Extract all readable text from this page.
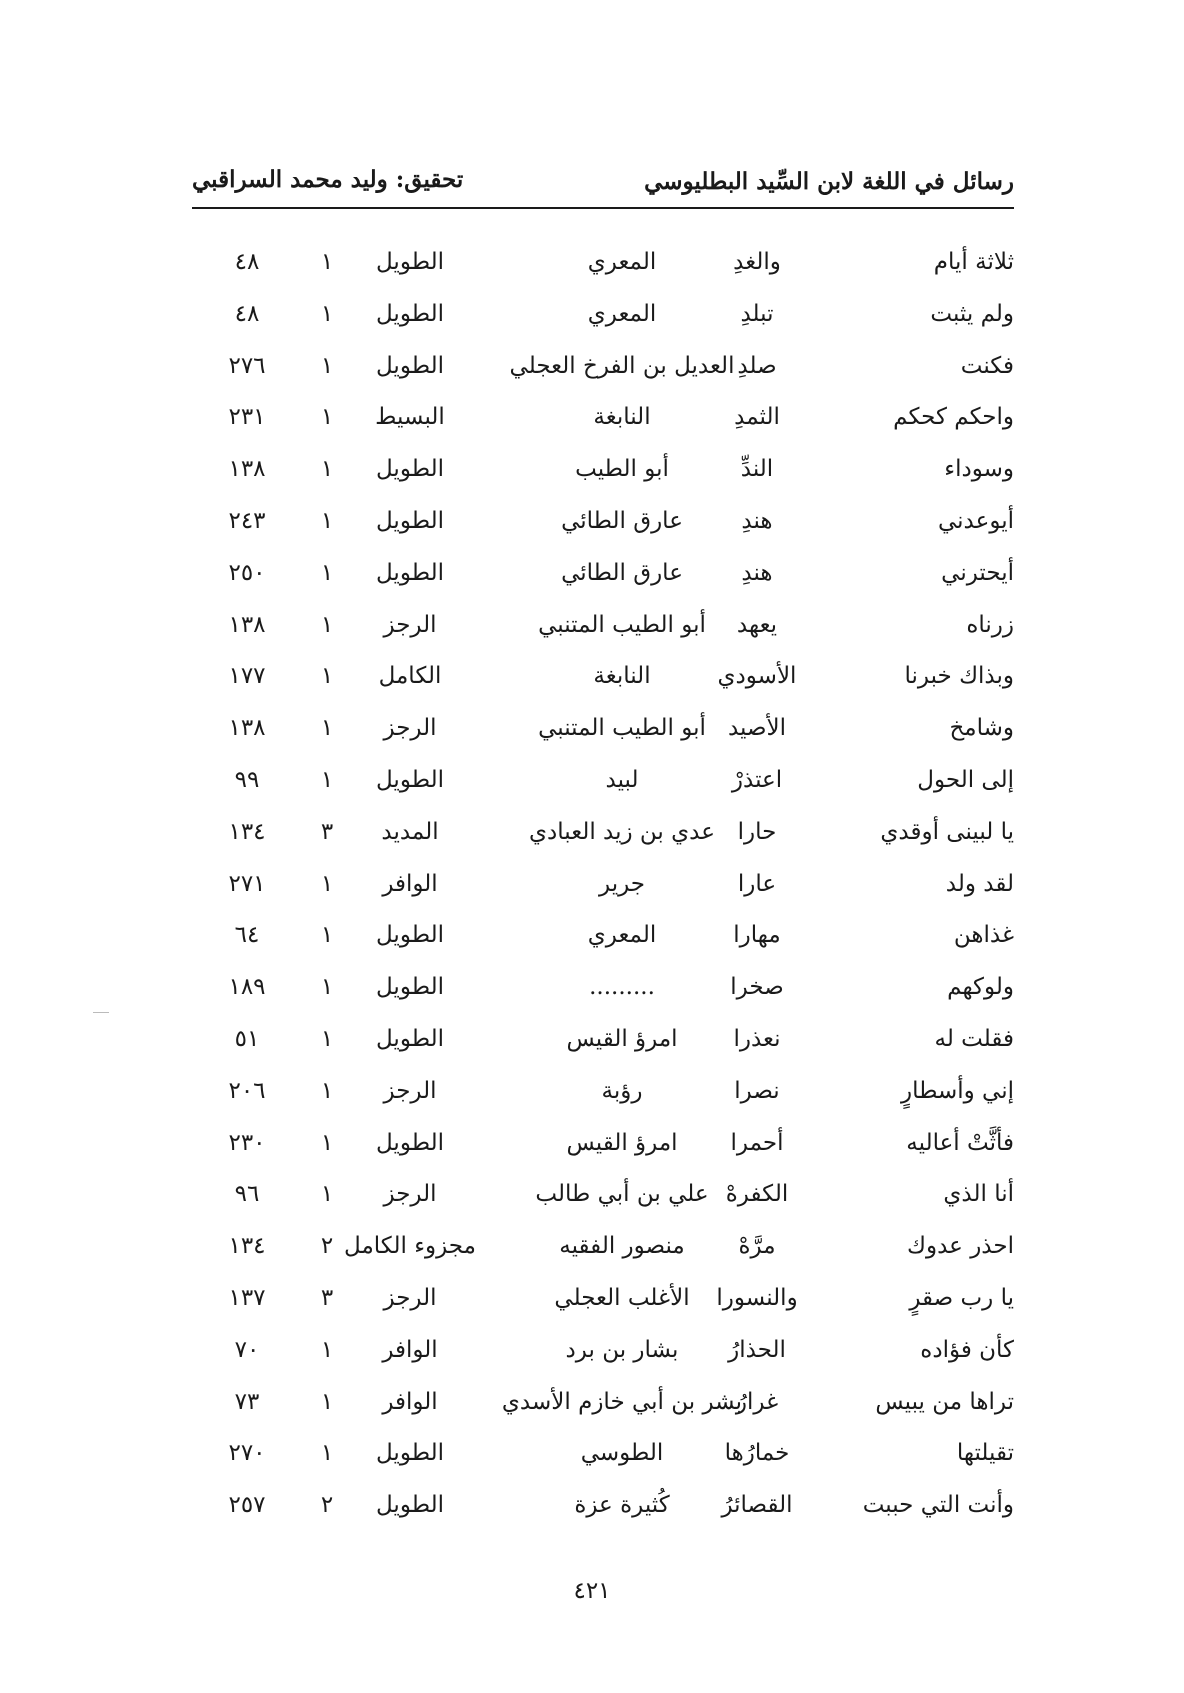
رسائل في اللغة لابن السِّيد البطليوسي
تحقيق: وليد محمد السراقبي
ثلاثة أيام
والغدِ
المعري
الطويل
١
٤٨
ولم يثبت
تبلدِ
المعري
الطويل
١
٤٨
فكنت
صلدِ
العديل بن الفرخ العجلي
الطويل
١
٢٧٦
واحكم كحكم
الثمدِ
النابغة
البسيط
١
٢٣١
وسوداء
الندِّ
أبو الطيب
الطويل
١
١٣٨
أيوعدني
هندِ
عارق الطائي
الطويل
١
٢٤٣
أيحترني
هندِ
عارق الطائي
الطويل
١
٢٥٠
زرناه
يعهد
أبو الطيب المتنبي
الرجز
١
١٣٨
وبذاك خبرنا
الأسودي
النابغة
الكامل
١
١٧٧
وشامخ
الأصيد
أبو الطيب المتنبي
الرجز
١
١٣٨
إلى الحول
اعتذرْ
لبيد
الطويل
١
٩٩
يا لبينى أوقدي
حارا
عدي بن زيد العبادي
المديد
٣
١٣٤
لقد ولد
عارا
جرير
الوافر
١
٢٧١
غذاهن
مهارا
المعري
الطويل
١
٦٤
ولوكهم
صخرا
.........
الطويل
١
١٨٩
فقلت له
نعذرا
امرؤ القيس
الطويل
١
٥١
إني وأسطارٍ
نصرا
رؤبة
الرجز
١
٢٠٦
فأثَّتْ أعاليه
أحمرا
امرؤ القيس
الطويل
١
٢٣٠
أنا الذي
الكفرهْ
علي بن أبي طالب
الرجز
١
٩٦
احذر عدوك
مرَّهْ
منصور الفقيه
مجزوء الكامل
٢
١٣٤
يا رب صقرٍ
والنسورا
الأغلب العجلي
الرجز
٣
١٣٧
كأن فؤاده
الحذارُ
بشار بن برد
الوافر
١
٧٠
تراها من يبيس
غرارُ
بشر بن أبي خازم الأسدي
الوافر
١
٧٣
تقيلتها
خمارُها
الطوسي
الطويل
١
٢٧٠
وأنت التي حببت
القصائرُ
كُثيرة عزة
الطويل
٢
٢٥٧
٤٢١
